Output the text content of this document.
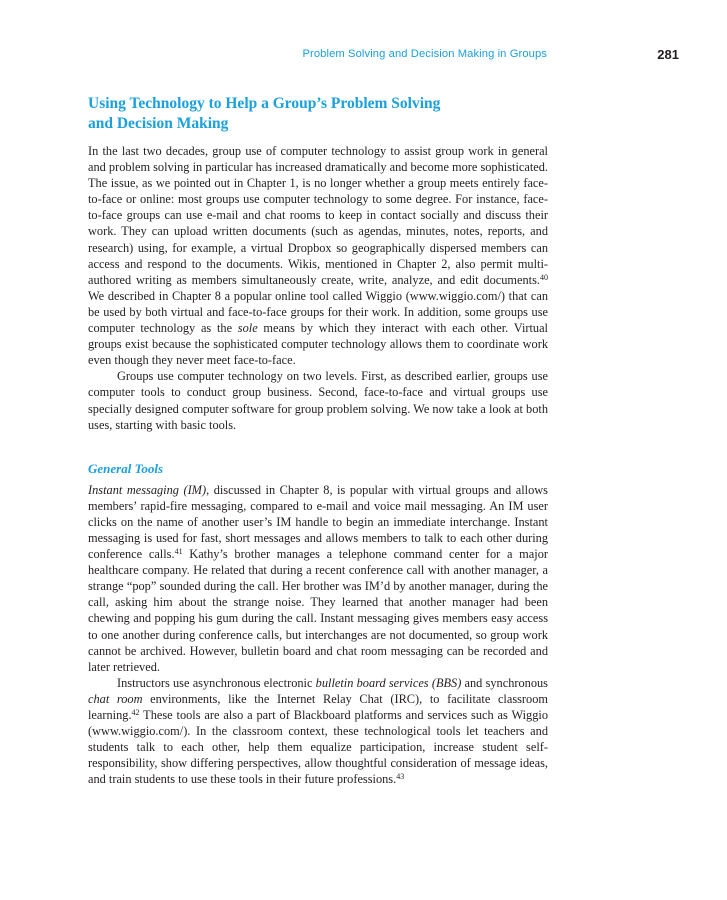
Problem Solving and Decision Making in Groups	281
Using Technology to Help a Group’s Problem Solving
and Decision Making

In the last two decades, group use of computer technology to assist group work in general and problem solving in particular has increased dramatically and become more sophisticated. The issue, as we pointed out in Chapter 1, is no longer whether a group meets entirely face-to-face or online: most groups use computer technology to some degree. For instance, face-to-face groups can use e-mail and chat rooms to keep in contact socially and discuss their work. They can upload written documents (such as agendas, minutes, notes, reports, and research) using, for example, a virtual Dropbox so geographically dispersed members can access and respond to the documents. Wikis, mentioned in Chapter 2, also permit multi-authored writing as members simultaneously create, write, analyze, and edit documents.$^{40}$ We described in Chapter 8 a popular online tool called Wiggio (www.wiggio.com/) that can be used by both virtual and face-to-face groups for their work. In addition, some groups use computer technology as the sole means by which they interact with each other. Virtual groups exist because the sophisticated computer technology allows them to coordinate work even though they never meet face-to-face.

Groups use computer technology on two levels. First, as described earlier, groups use computer tools to conduct group business. Second, face-to-face and virtual groups use specially designed computer software for group problem solving. We now take a look at both uses, starting with basic tools.

General Tools

Instant messaging (IM), discussed in Chapter 8, is popular with virtual groups and allows members’ rapid-fire messaging, compared to e-mail and voice mail messaging. An IM user clicks on the name of another user’s IM handle to begin an immediate interchange. Instant messaging is used for fast, short messages and allows members to talk to each other during conference calls.$^{41}$ Kathy’s brother manages a telephone command center for a major healthcare company. He related that during a recent conference call with another manager, a strange “pop” sounded during the call. Her brother was IM’d by another manager, during the call, asking him about the strange noise. They learned that another manager had been chewing and popping his gum during the call. Instant messaging gives members easy access to one another during conference calls, but interchanges are not documented, so group work cannot be archived. However, bulletin board and chat room messaging can be recorded and later retrieved.

Instructors use asynchronous electronic bulletin board services (BBS) and synchronous chat room environments, like the Internet Relay Chat (IRC), to facilitate classroom learning.$^{42}$ These tools are also a part of Blackboard platforms and services such as Wiggio (www.wiggio.com/). In the classroom context, these technological tools let teachers and students talk to each other, help them equalize participation, increase student self-responsibility, show differing perspectives, allow thoughtful consideration of message ideas, and train students to use these tools in their future professions.$^{43}$
